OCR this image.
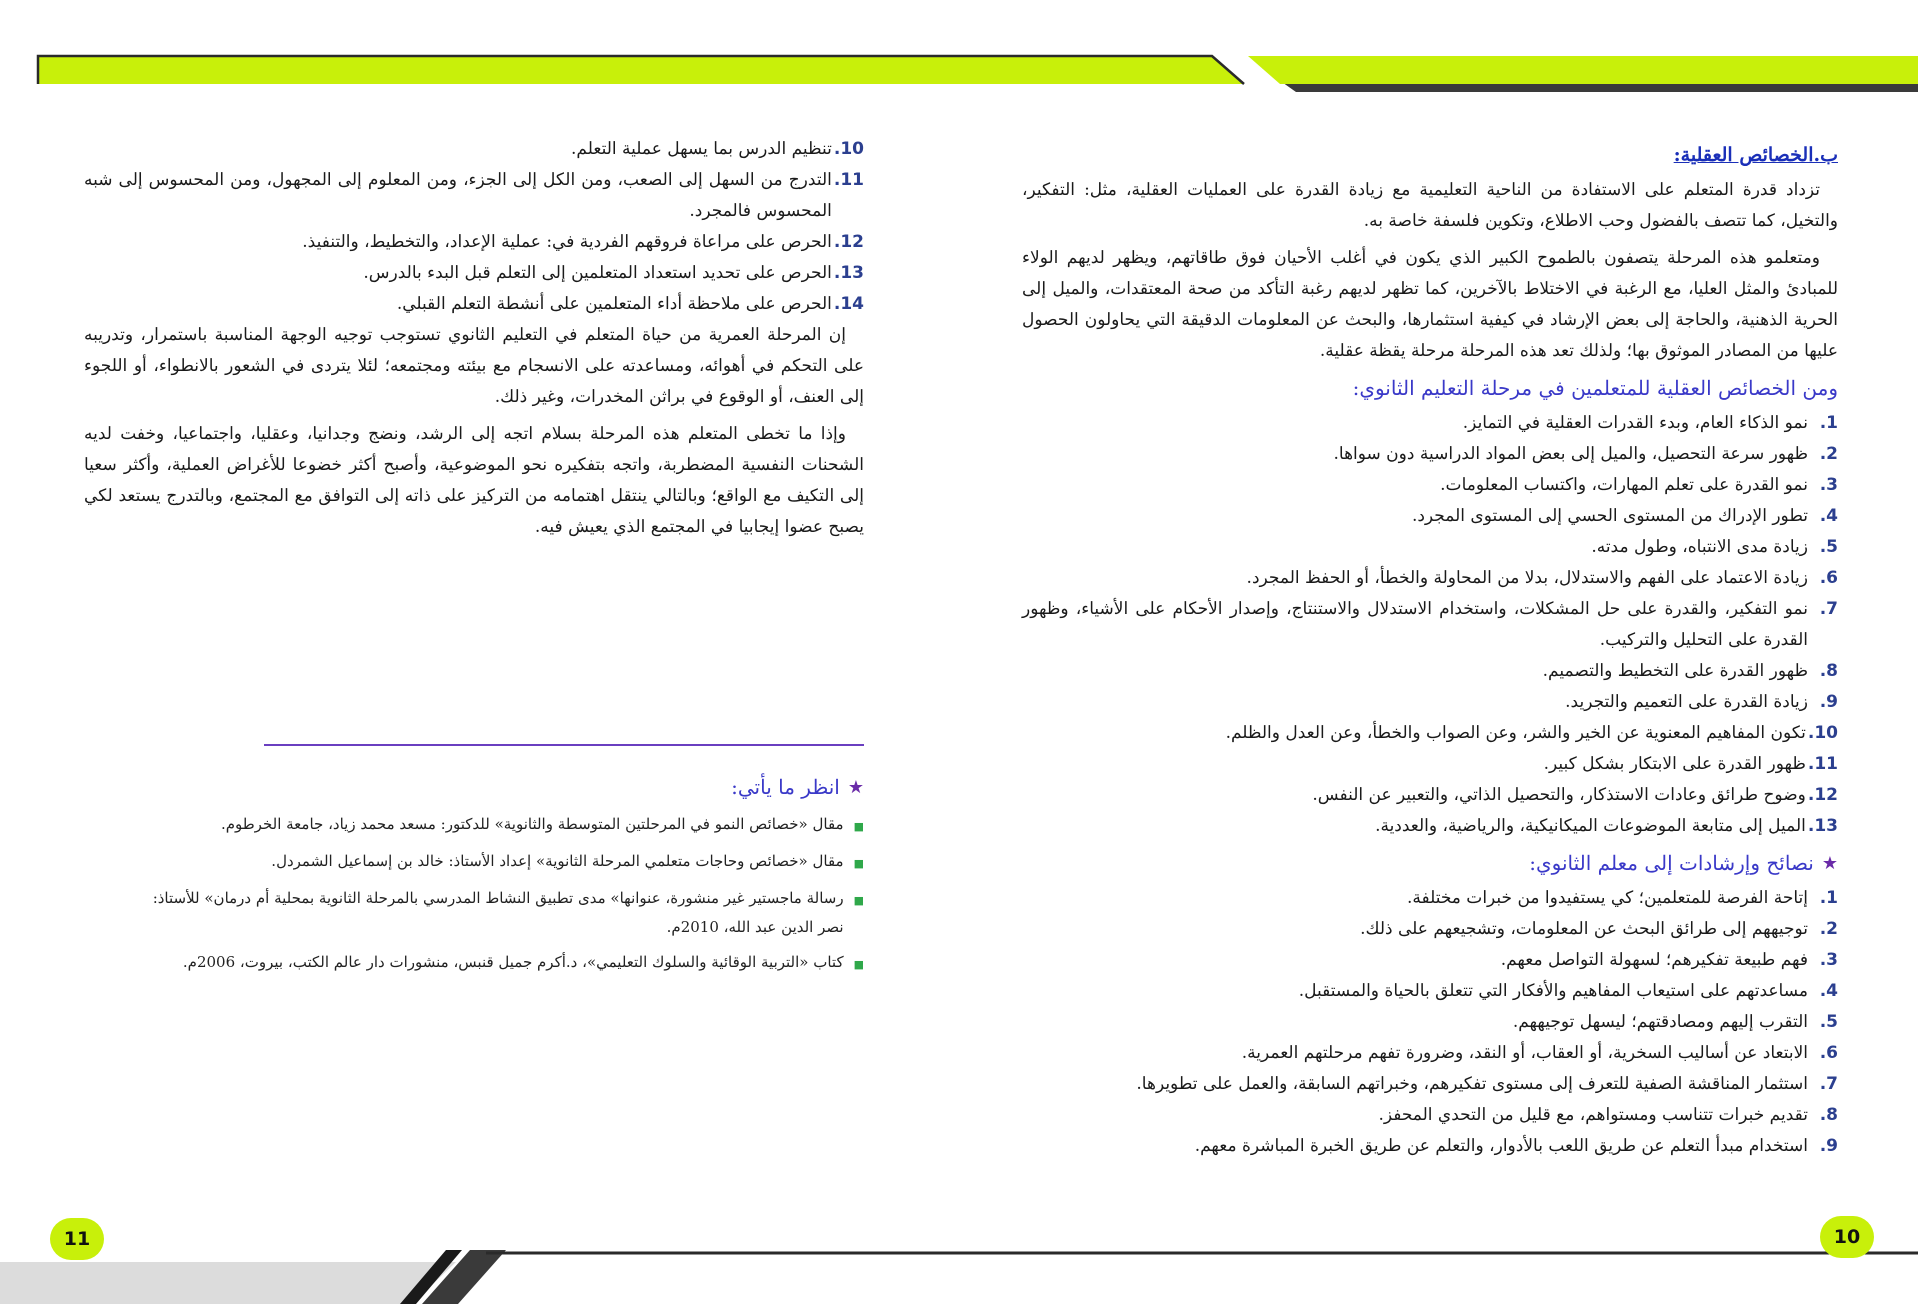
ب.الخصائص العقلية:

تزداد قدرة المتعلم على الاستفادة من الناحية التعليمية مع زيادة القدرة على العمليات العقلية، مثل: التفكير، والتخيل، كما تتصف بالفضول وحب الاطلاع، وتكوين فلسفة خاصة به.

ومتعلمو هذه المرحلة يتصفون بالطموح الكبير الذي يكون في أغلب الأحيان فوق طاقاتهم، ويظهر لديهم الولاء للمبادئ والمثل العليا، مع الرغبة في الاختلاط بالآخرين، كما تظهر لديهم رغبة التأكد من صحة المعتقدات، والميل إلى الحرية الذهنية، والحاجة إلى بعض الإرشاد في كيفية استثمارها، والبحث عن المعلومات الدقيقة التي يحاولون الحصول عليها من المصادر الموثوق بها؛ ولذلك تعد هذه المرحلة مرحلة يقظة عقلية.

ومن الخصائص العقلية للمتعلمين في مرحلة التعليم الثانوي:
1.
نمو الذكاء العام، وبدء القدرات العقلية في التمايز.
2.
ظهور سرعة التحصيل، والميل إلى بعض المواد الدراسية دون سواها.
3.
نمو القدرة على تعلم المهارات، واكتساب المعلومات.
4.
تطور الإدراك من المستوى الحسي إلى المستوى المجرد.
5.
زيادة مدى الانتباه، وطول مدته.
6.
زيادة الاعتماد على الفهم والاستدلال، بدلا من المحاولة والخطأ، أو الحفظ المجرد.
7.
نمو التفكير، والقدرة على حل المشكلات، واستخدام الاستدلال والاستنتاج، وإصدار الأحكام على الأشياء، وظهور القدرة على التحليل والتركيب.
8.
ظهور القدرة على التخطيط والتصميم.
9.
زيادة القدرة على التعميم والتجريد.
10.
تكون المفاهيم المعنوية عن الخير والشر، وعن الصواب والخطأ، وعن العدل والظلم.
11.
ظهور القدرة على الابتكار بشكل كبير.
12.
وضوح طرائق وعادات الاستذكار، والتحصيل الذاتي، والتعبير عن النفس.
13.
الميل إلى متابعة الموضوعات الميكانيكية، والرياضية، والعددية.
★
نصائح وإرشادات إلى معلم الثانوي:
1.
إتاحة الفرصة للمتعلمين؛ كي يستفيدوا من خبرات مختلفة.
2.
توجيههم إلى طرائق البحث عن المعلومات، وتشجيعهم على ذلك.
3.
فهم طبيعة تفكيرهم؛ لسهولة التواصل معهم.
4.
مساعدتهم على استيعاب المفاهيم والأفكار التي تتعلق بالحياة والمستقبل.
5.
التقرب إليهم ومصادقتهم؛ ليسهل توجيههم.
6.
الابتعاد عن أساليب السخرية، أو العقاب، أو النقد، وضرورة تفهم مرحلتهم العمرية.
7.
استثمار المناقشة الصفية للتعرف إلى مستوى تفكيرهم، وخبراتهم السابقة، والعمل على تطويرها.
8.
تقديم خبرات تتناسب ومستواهم، مع قليل من التحدي المحفز.
9.
استخدام مبدأ التعلم عن طريق اللعب بالأدوار، والتعلم عن طريق الخبرة المباشرة معهم.
10.
تنظيم الدرس بما يسهل عملية التعلم.
11.
التدرج من السهل إلى الصعب، ومن الكل إلى الجزء، ومن المعلوم إلى المجهول، ومن المحسوس إلى شبه المحسوس فالمجرد.
12.
الحرص على مراعاة فروقهم الفردية في: عملية الإعداد، والتخطيط، والتنفيذ.
13.
الحرص على تحديد استعداد المتعلمين إلى التعلم قبل البدء بالدرس.
14.
الحرص على ملاحظة أداء المتعلمين على أنشطة التعلم القبلي.

إن المرحلة العمرية من حياة المتعلم في التعليم الثانوي تستوجب توجيه الوجهة المناسبة باستمرار، وتدريبه على التحكم في أهوائه، ومساعدته على الانسجام مع بيئته ومجتمعه؛ لئلا يتردى في الشعور بالانطواء، أو اللجوء إلى العنف، أو الوقوع في براثن المخدرات، وغير ذلك.

وإذا ما تخطى المتعلم هذه المرحلة بسلام اتجه إلى الرشد، ونضج وجدانيا، وعقليا، واجتماعيا، وخفت لديه الشحنات النفسية المضطربة، واتجه بتفكيره نحو الموضوعية، وأصبح أكثر خضوعا للأغراض العملية، وأكثر سعيا إلى التكيف مع الواقع؛ وبالتالي ينتقل اهتمامه من التركيز على ذاته إلى التوافق مع المجتمع، وبالتدرج يستعد لكي يصبح عضوا إيجابيا في المجتمع الذي يعيش فيه.

★
انظر ما يأتي:
■
مقال «خصائص النمو في المرحلتين المتوسطة والثانوية» للدكتور: مسعد محمد زياد، جامعة الخرطوم.
■
مقال «خصائص وحاجات متعلمي المرحلة الثانوية» إعداد الأستاذ: خالد بن إسماعيل الشمردل.
■
رسالة ماجستير غير منشورة، عنوانها» مدى تطبيق النشاط المدرسي بالمرحلة الثانوية بمحلية أم درمان» للأستاذ: نصر الدين عبد الله، 2010م.
■
كتاب «التربية الوقائية والسلوك التعليمي»، د.أكرم جميل قنبس، منشورات دار عالم الكتب، بيروت، 2006م.
11	10
